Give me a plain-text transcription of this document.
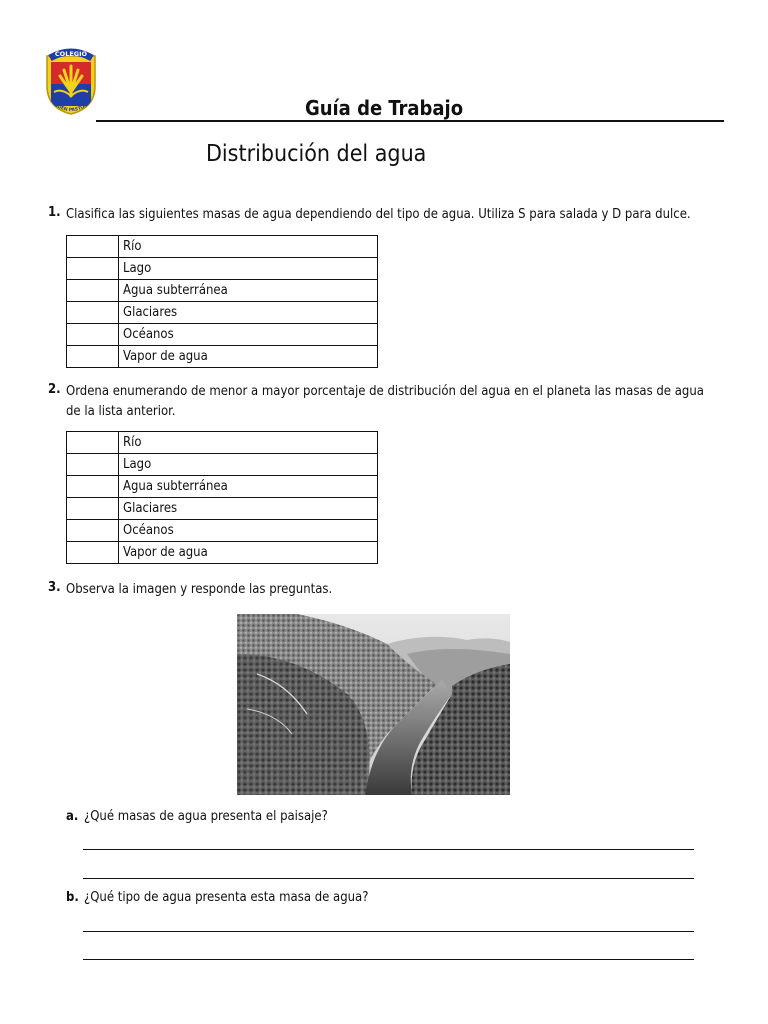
COLEGIO
BUEN PASTOR	Guía de Trabajo
Distribución del agua
1. Clasifica las siguientes masas de agua dependiendo del tipo de agua. Utiliza S para salada y D para dulce.
	Río
	Lago
	Agua subterránea
	Glaciares
	Océanos
	Vapor de agua
2. Ordena enumerando de menor a mayor porcentaje de distribución del agua en el planeta las masas de agua de la lista anterior.
	Río
	Lago
	Agua subterránea
	Glaciares
	Océanos
	Vapor de agua
3. Observa la imagen y responde las preguntas.
a. ¿Qué masas de agua presenta el paisaje?
b. ¿Qué tipo de agua presenta esta masa de agua?
